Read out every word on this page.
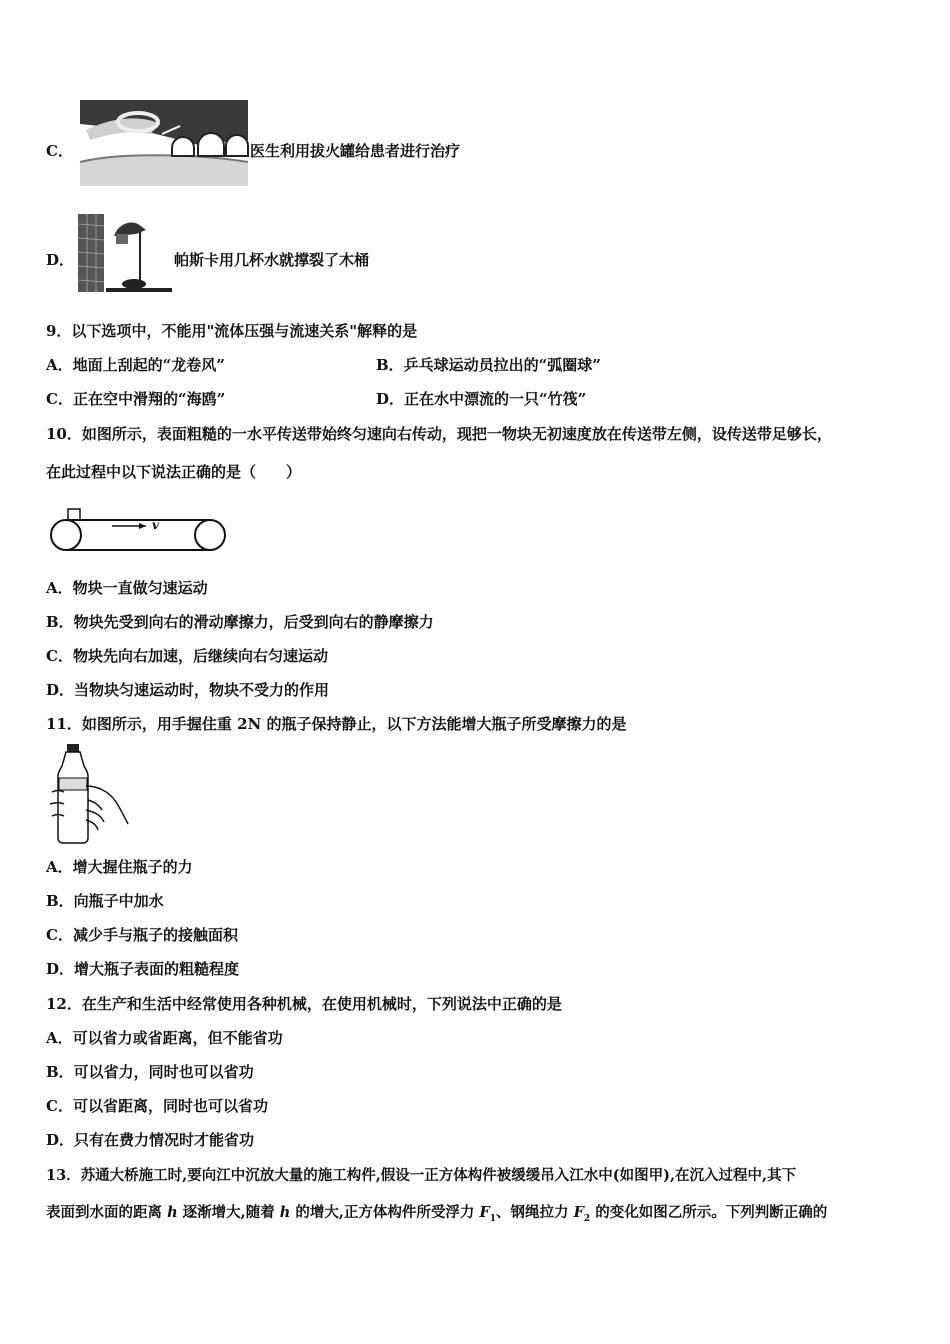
C．	医生利用拔火罐给患者进行治疗
D．	帕斯卡用几杯水就撑裂了木桶
9．以下选项中，不能用"流体压强与流速关系"解释的是
A．地面上刮起的“龙卷风”	B．乒乓球运动员拉出的“弧圈球”
C．正在空中滑翔的“海鸥”	D．正在水中漂流的一只“竹筏”
10．如图所示，表面粗糙的一水平传送带始终匀速向右传动，现把一物块无初速度放在传送带左侧，设传送带足够长，
在此过程中以下说法正确的是（　　）
v
A．物块一直做匀速运动
B．物块先受到向右的滑动摩擦力，后受到向右的静摩擦力
C．物块先向右加速，后继续向右匀速运动
D．当物块匀速运动时，物块不受力的作用
11．如图所示，用手握住重 2N 的瓶子保持静止，以下方法能增大瓶子所受摩擦力的是
A．增大握住瓶子的力
B．向瓶子中加水
C．减少手与瓶子的接触面积
D．增大瓶子表面的粗糙程度
12．在生产和生活中经常使用各种机械，在使用机械时，下列说法中正确的是
A．可以省力或省距离，但不能省功
B．可以省力，同时也可以省功
C．可以省距离，同时也可以省功
D．只有在费力情况时才能省功
13．苏通大桥施工时,要向江中沉放大量的施工构件,假设一正方体构件被缓缓吊入江水中(如图甲),在沉入过程中,其下
表面到水面的距离 h 逐渐增大,随着 h 的增大,正方体构件所受浮力 $F_1$、钢绳拉力 $F_2$ 的变化如图乙所示。下列判断正确的
